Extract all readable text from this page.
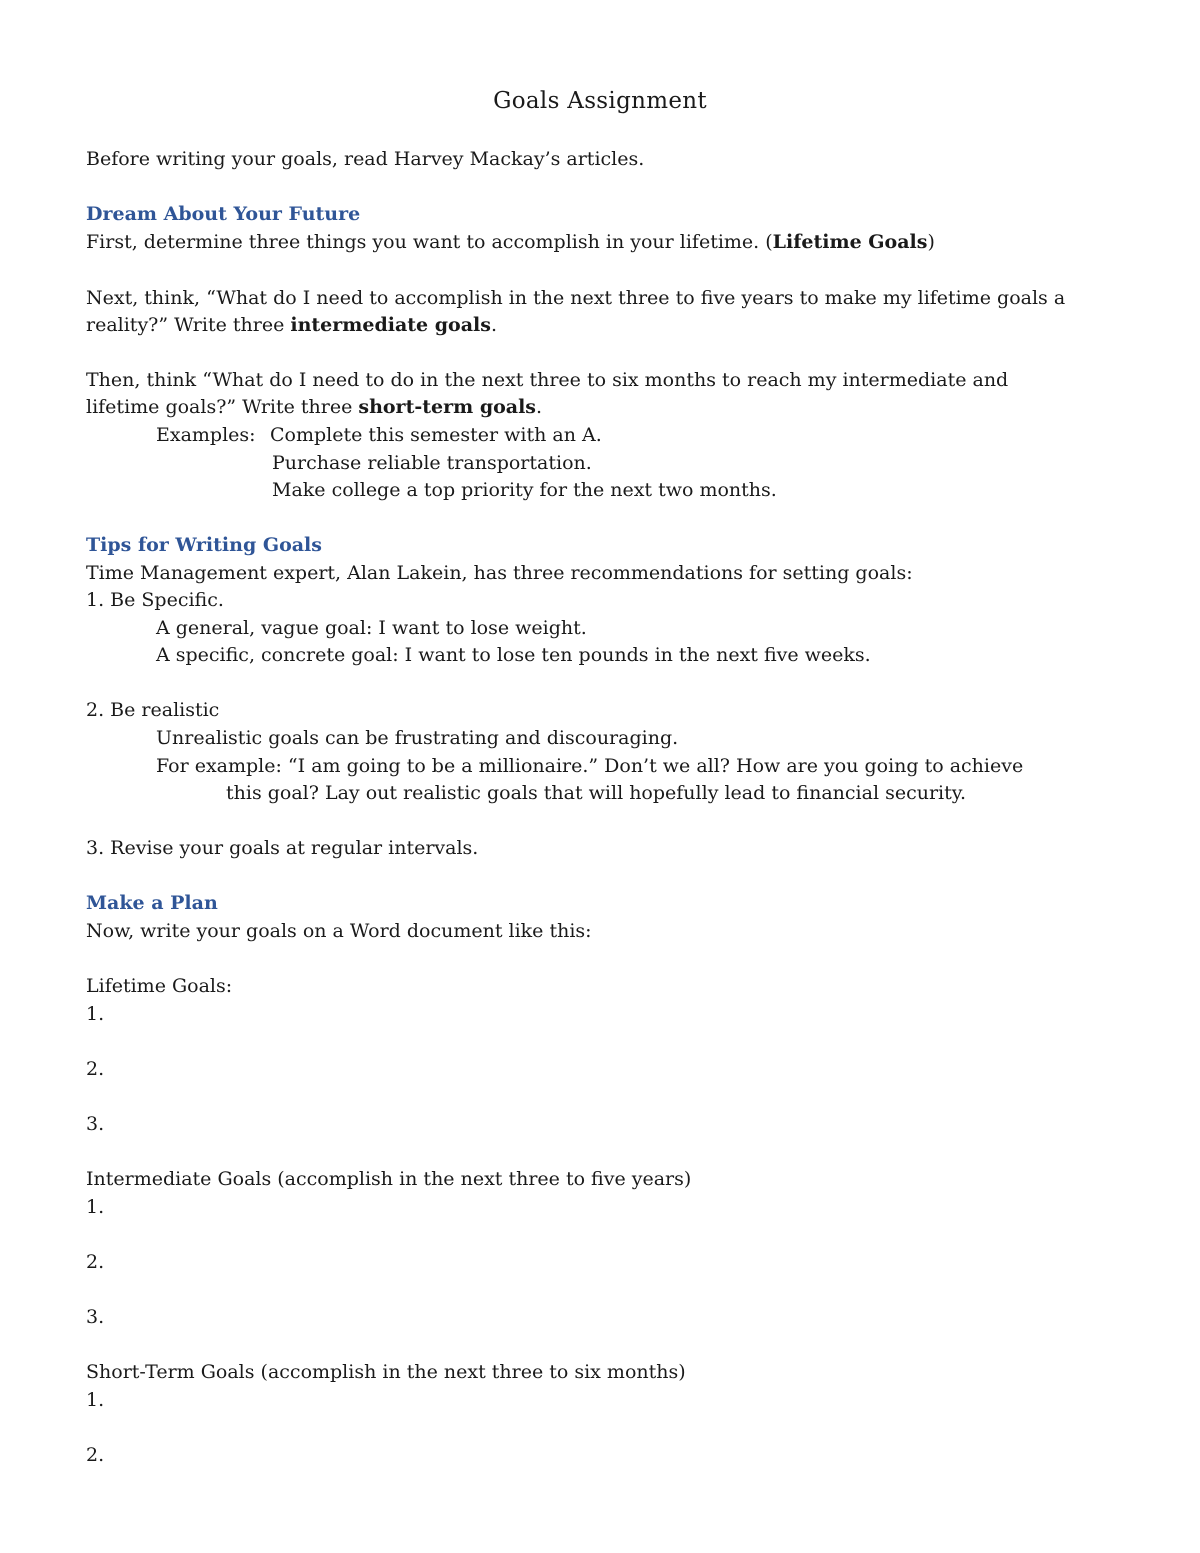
Goals Assignment
Before writing your goals, read Harvey Mackay’s articles.
Dream About Your Future
First, determine three things you want to accomplish in your lifetime. (Lifetime Goals)
Next, think, “What do I need to accomplish in the next three to five years to make my lifetime goals a
reality?” Write three intermediate goals.
Then, think “What do I need to do in the next three to six months to reach my intermediate and
lifetime goals?” Write three short-term goals.
Examples: Complete this semester with an A.
Purchase reliable transportation.
Make college a top priority for the next two months.
Tips for Writing Goals
Time Management expert, Alan Lakein, has three recommendations for setting goals:
1. Be Specific.
A general, vague goal: I want to lose weight.
A specific, concrete goal: I want to lose ten pounds in the next five weeks.
2. Be realistic
Unrealistic goals can be frustrating and discouraging.
For example: “I am going to be a millionaire.” Don’t we all? How are you going to achieve
this goal? Lay out realistic goals that will hopefully lead to financial security.
3. Revise your goals at regular intervals.
Make a Plan
Now, write your goals on a Word document like this:
Lifetime Goals:
1.
2.
3.
Intermediate Goals (accomplish in the next three to five years)
1.
2.
3.
Short-Term Goals (accomplish in the next three to six months)
1.
2.
